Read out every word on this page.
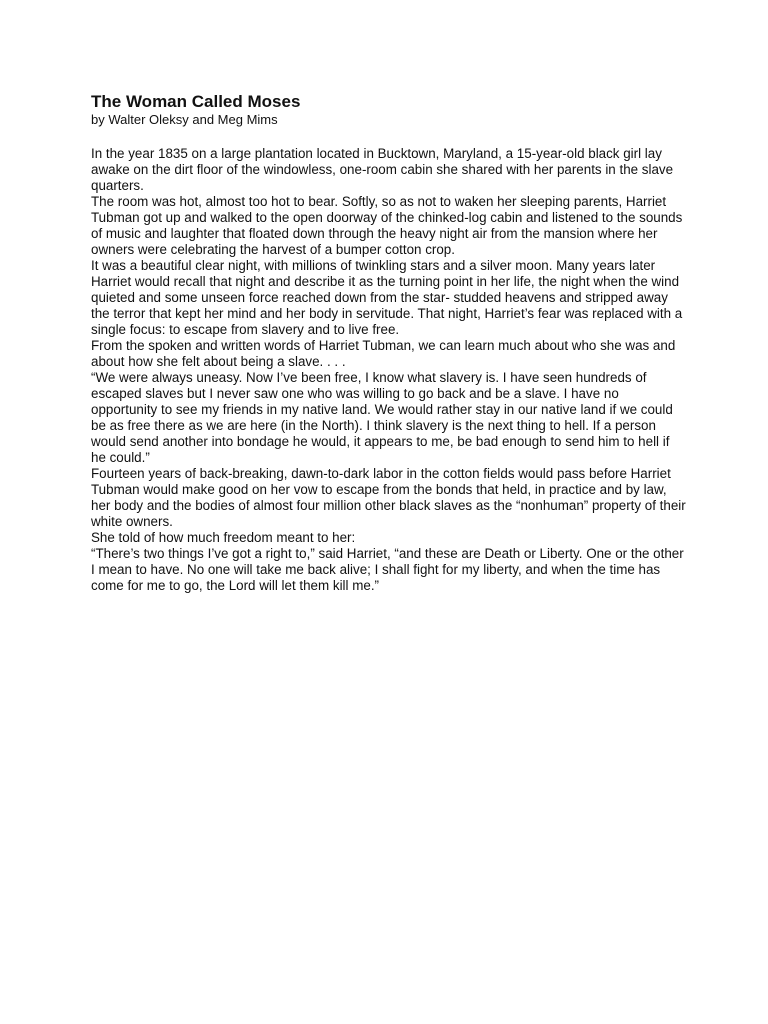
The Woman Called Moses

by Walter Oleksy and Meg Mims

In the year 1835 on a large plantation located in Bucktown, Maryland, a 15-year-old black girl lay awake on the dirt floor of the windowless, one-room cabin she shared with her parents in the slave quarters.

The room was hot, almost too hot to bear. Softly, so as not to waken her sleeping parents, Harriet Tubman got up and walked to the open doorway of the chinked-log cabin and listened to the sounds of music and laughter that floated down through the heavy night air from the mansion where her owners were celebrating the harvest of a bumper cotton crop.

It was a beautiful clear night, with millions of twinkling stars and a silver moon. Many years later Harriet would recall that night and describe it as the turning point in her life, the night when the wind quieted and some unseen force reached down from the star- studded heavens and stripped away the terror that kept her mind and her body in servitude. That night, Harriet’s fear was replaced with a single focus: to escape from slavery and to live free.

From the spoken and written words of Harriet Tubman, we can learn much about who she was and about how she felt about being a slave. . . .

“We were always uneasy. Now I’ve been free, I know what slavery is. I have seen hundreds of escaped slaves but I never saw one who was willing to go back and be a slave. I have no opportunity to see my friends in my native land. We would rather stay in our native land if we could be as free there as we are here (in the North). I think slavery is the next thing to hell. If a person would send another into bondage he would, it appears to me, be bad enough to send him to hell if he could.”

Fourteen years of back-breaking, dawn-to-dark labor in the cotton fields would pass before Harriet Tubman would make good on her vow to escape from the bonds that held, in practice and by law, her body and the bodies of almost four million other black slaves as the “nonhuman” property of their white owners.

She told of how much freedom meant to her:

“There’s two things I’ve got a right to,” said Harriet, “and these are Death or Liberty. One or the other I mean to have. No one will take me back alive; I shall fight for my liberty, and when the time has come for me to go, the Lord will let them kill me.”
